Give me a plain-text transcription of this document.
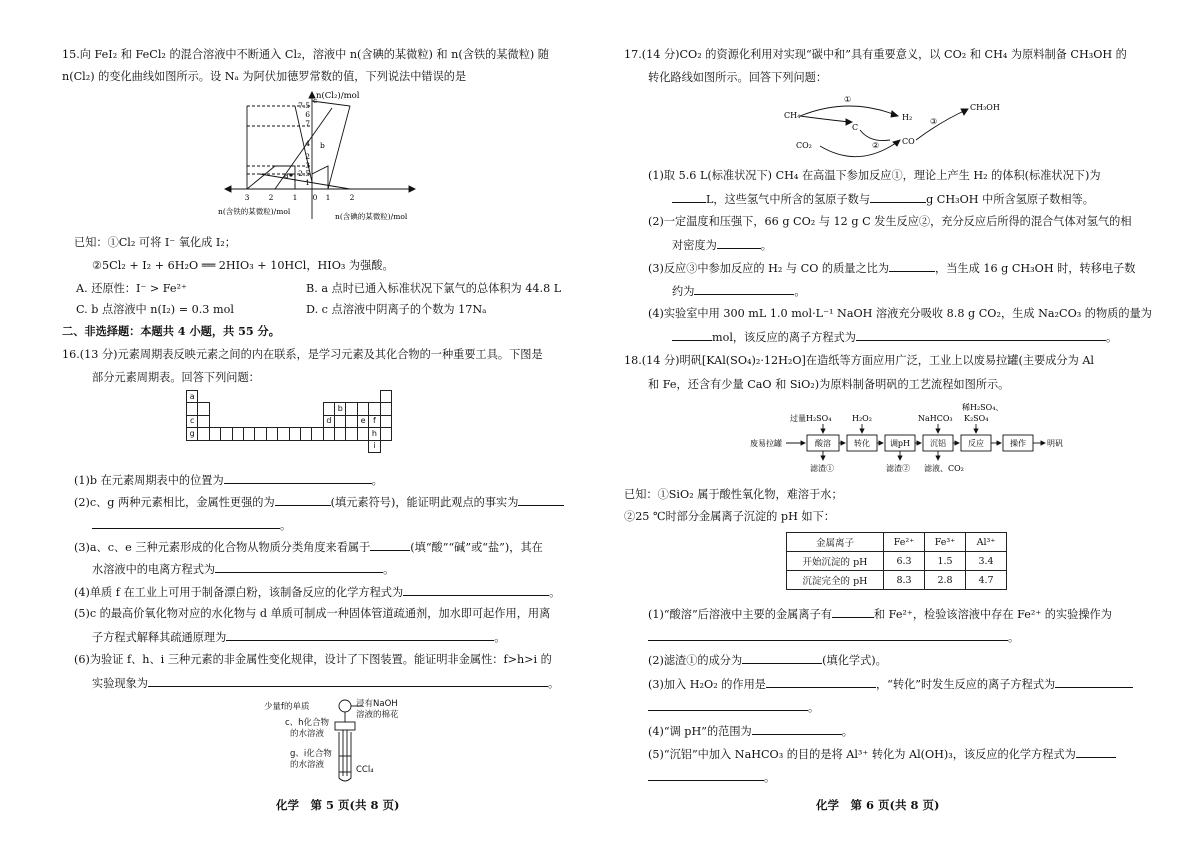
15.向 FeI₂ 和 FeCl₂ 的混合溶液中不断通入 Cl₂，溶液中 n(含碘的某微粒) 和 n(含铁的某微粒) 随
n(Cl₂) 的变化曲线如图所示。设 Nₐ 为阿伏加德罗常数的值，下列说法中错误的是
n(Cl₂)/mol
7.5
6
7
4
2
3
2.5
1
c
b
a
3	2	1 0 1	2
n(含铁的某微粒)/mol
n(含碘的某微粒)/mol
已知：①Cl₂ 可将 I⁻ 氧化成 I₂；
②5Cl₂ + I₂ + 6H₂O ══ 2HIO₃ + 10HCl，HIO₃ 为强酸。
A. 还原性：I⁻ > Fe²⁺	B. a 点时已通入标准状况下氯气的总体积为 44.8 L
C. b 点溶液中 n(I₂) = 0.3 mol	D. c 点溶液中阴离子的个数为 17Nₐ
二、非选择题：本题共 4 小题，共 55 分。
16.(13 分)元素周期表反映元素之间的内在联系，是学习元素及其化合物的一种重要工具。下图是
部分元素周期表。回答下列问题：
a																	
													b				
c												d			e	f	
g																h	
																i	
(1)b 在元素周期表中的位置为	。
(2)c、g 两种元素相比，金属性更强的为	(填元素符号)，能证明此观点的事实为
。
(3)a、c、e 三种元素形成的化合物从物质分类角度来看属于	(填“酸”“碱”或“盐”)，其在
水溶液中的电离方程式为	。
(4)单质 f 在工业上可用于制备漂白粉，该制备反应的化学方程式为	。
(5)c 的最高价氧化物对应的水化物与 d 单质可制成一种固体管道疏通剂，加水即可起作用，用离
子方程式解释其疏通原理为	。
(6)为验证 f、h、i 三种元素的非金属性变化规律，设计了下图装置。能证明非金属性：f>h>i 的
实验现象为	。
少量f的单质	浸有NaOH
溶液的棉花
c、h化合物
的水溶液
g、i化合物
的水溶液	CCl₄
化学　第 5 页(共 8 页)
17.(14 分)CO₂ 的资源化利用对实现“碳中和”具有重要意义，以 CO₂ 和 CH₄ 为原料制备 CH₃OH 的
转化路线如图所示。回答下列问题：
CH₄
C
CO₂
H₂
CO
CH₃OH
①
②
③
(1)取 5.6 L(标准状况下) CH₄ 在高温下参加反应①，理论上产生 H₂ 的体积(标准状况下)为
L，这些氢气中所含的氢原子数与	g CH₃OH 中所含氢原子数相等。
(2)一定温度和压强下，66 g CO₂ 与 12 g C 发生反应②，充分反应后所得的混合气体对氢气的相
对密度为	。
(3)反应③中参加反应的 H₂ 与 CO 的质量之比为	，当生成 16 g CH₃OH 时，转移电子数
约为	。
(4)实验室中用 300 mL 1.0 mol·L⁻¹ NaOH 溶液充分吸收 8.8 g CO₂，生成 Na₂CO₃ 的物质的量为
mol，该反应的离子方程式为	。
18.(14 分)明矾[KAl(SO₄)₂·12H₂O]在造纸等方面应用广泛，工业上以废易拉罐(主要成分为 Al
和 Fe，还含有少量 CaO 和 SiO₂)为原料制备明矾的工艺流程如图所示。
过量H₂SO₄	H₂O₂	NaHCO₃
稀H₂SO₄、
K₂SO₄
废易拉罐	明矾
滤渣①	滤渣② 滤液、CO₂
酸溶	转化 调pH 沉铝	反应	操作
已知：①SiO₂ 属于酸性氧化物，难溶于水；
②25 ℃时部分金属离子沉淀的 pH 如下：
金属离子	Fe²⁺	Fe³⁺	Al³⁺
开始沉淀的 pH	6.3	1.5	3.4
沉淀完全的 pH	8.3	2.8	4.7
(1)“酸溶”后溶液中主要的金属离子有	和 Fe²⁺，检验该溶液中存在 Fe²⁺ 的实验操作为
。
(2)滤渣①的成分为	(填化学式)。
(3)加入 H₂O₂ 的作用是	，“转化”时发生反应的离子方程式为
。
(4)“调 pH”的范围为	。
(5)“沉铝”中加入 NaHCO₃ 的目的是将 Al³⁺ 转化为 Al(OH)₃，该反应的化学方程式为
。
化学　第 6 页(共 8 页)
